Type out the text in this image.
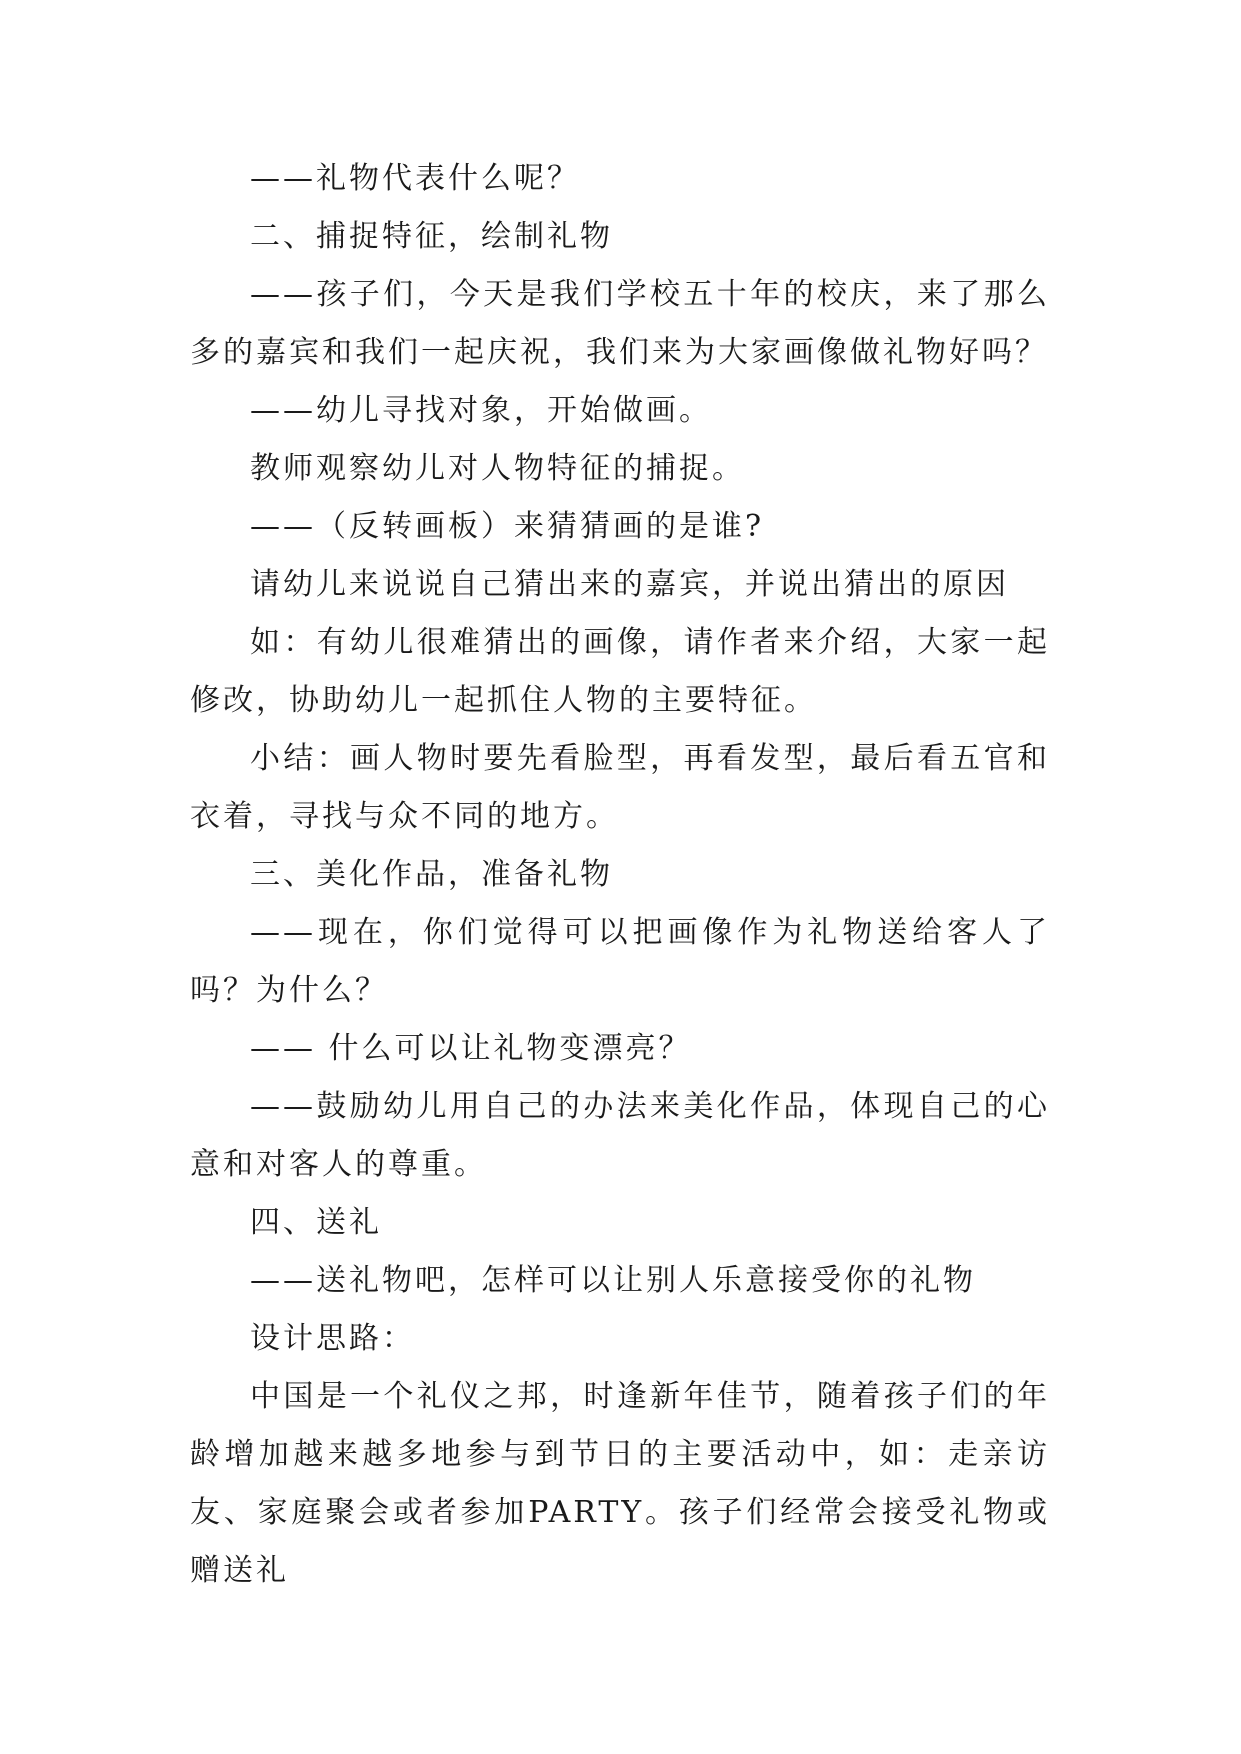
——礼物代表什么呢？

二、捕捉特征，绘制礼物

——孩子们，今天是我们学校五十年的校庆，来了那么多的嘉宾和我们一起庆祝，我们来为大家画像做礼物好吗？

——幼儿寻找对象，开始做画。

教师观察幼儿对人物特征的捕捉。

——（反转画板）来猜猜画的是谁?

请幼儿来说说自己猜出来的嘉宾，并说出猜出的原因

如：有幼儿很难猜出的画像，请作者来介绍，大家一起修改，协助幼儿一起抓住人物的主要特征。

小结：画人物时要先看脸型，再看发型，最后看五官和衣着，寻找与众不同的地方。

三、美化作品，准备礼物

——现在，你们觉得可以把画像作为礼物送给客人了吗？为什么？

—— 什么可以让礼物变漂亮？

——鼓励幼儿用自己的办法来美化作品，体现自己的心意和对客人的尊重。

四、送礼

——送礼物吧，怎样可以让别人乐意接受你的礼物

设计思路：

中国是一个礼仪之邦，时逢新年佳节，随着孩子们的年龄增加越来越多地参与到节日的主要活动中，如：走亲访友、家庭聚会或者参加PARTY。孩子们经常会接受礼物或赠送礼
